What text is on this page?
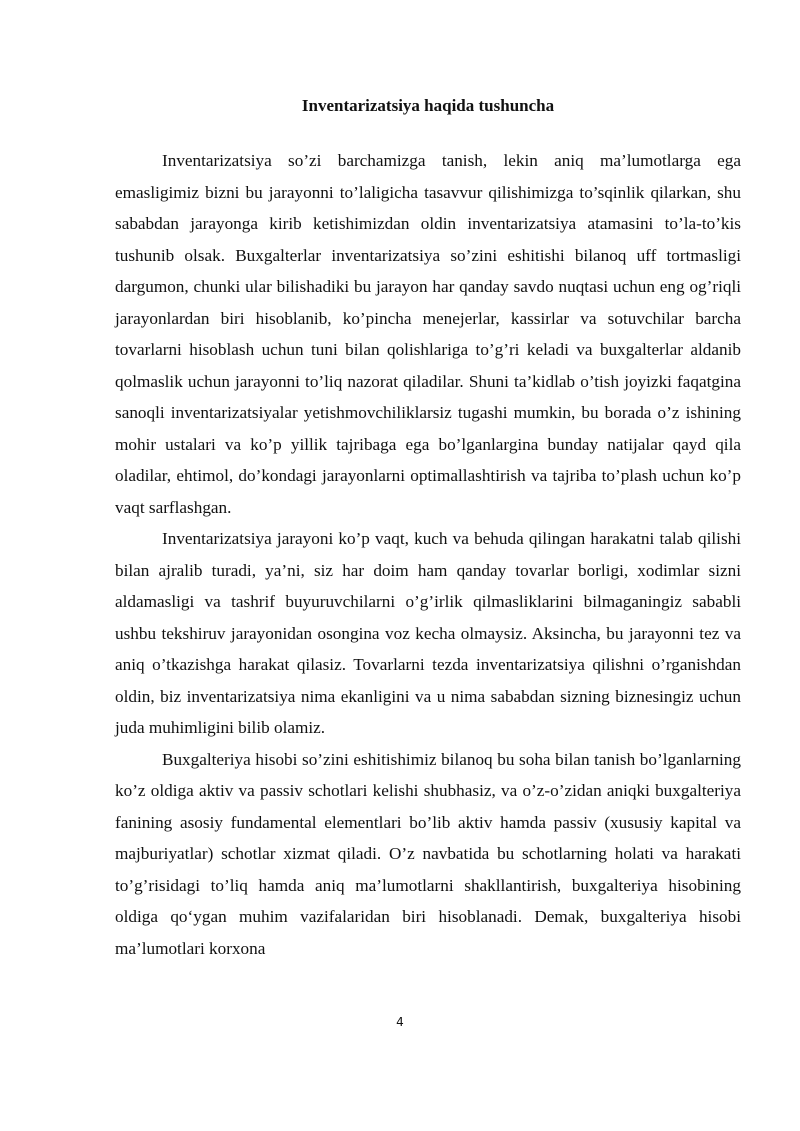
Inventarizatsiya haqida tushuncha

Inventarizatsiya so’zi barchamizga tanish, lekin aniq ma’lumotlarga ega emasligimiz bizni bu jarayonni to’laligicha tasavvur qilishimizga to’sqinlik qilarkan, shu sababdan jarayonga kirib ketishimizdan oldin inventarizatsiya atamasini to’la-to’kis tushunib olsak. Buxgalterlar inventarizatsiya so’zini eshitishi bilanoq uff tortmasligi dargumon, chunki ular bilishadiki bu jarayon har qanday savdo nuqtasi uchun eng og’riqli jarayonlardan biri hisoblanib, ko’pincha menejerlar, kassirlar va sotuvchilar barcha tovarlarni hisoblash uchun tuni bilan qolishlariga to’g’ri keladi va buxgalterlar aldanib qolmaslik uchun jarayonni to’liq nazorat qiladilar. Shuni ta’kidlab o’tish joyizki faqatgina sanoqli inventarizatsiyalar yetishmovchiliklarsiz tugashi mumkin, bu borada o’z ishining mohir ustalari va ko’p yillik tajribaga ega bo’lganlargina bunday natijalar qayd qila oladilar, ehtimol, do’kondagi jarayonlarni optimallashtirish va tajriba to’plash uchun ko’p vaqt sarflashgan.

Inventarizatsiya jarayoni ko’p vaqt, kuch va behuda qilingan harakatni talab qilishi bilan ajralib turadi, ya’ni, siz har doim ham qanday tovarlar borligi, xodimlar sizni aldamasligi va tashrif buyuruvchilarni o’g’irlik qilmasliklarini bilmaganingiz sababli ushbu tekshiruv jarayonidan osongina voz kecha olmaysiz. Aksincha, bu jarayonni tez va aniq o’tkazishga harakat qilasiz. Tovarlarni tezda inventarizatsiya qilishni o’rganishdan oldin, biz inventarizatsiya nima ekanligini va u nima sababdan sizning biznesingiz uchun juda muhimligini bilib olamiz.

Buxgalteriya hisobi so’zini eshitishimiz bilanoq bu soha bilan tanish bo’lganlarning ko’z oldiga aktiv va passiv schotlari kelishi shubhasiz, va o’z-o’zidan aniqki buxgalteriya fanining asosiy fundamental elementlari bo’lib aktiv hamda passiv (xususiy kapital va majburiyatlar) schotlar xizmat qiladi. O’z navbatida bu schotlarning holati va harakati to’g’risidagi to’liq hamda aniq ma’lumotlarni shakllantirish, buxgalteriya hisobining oldiga qo‘ygan muhim vazifalaridan biri hisoblanadi. Demak, buxgalteriya hisobi ma’lumotlari korxona

4
